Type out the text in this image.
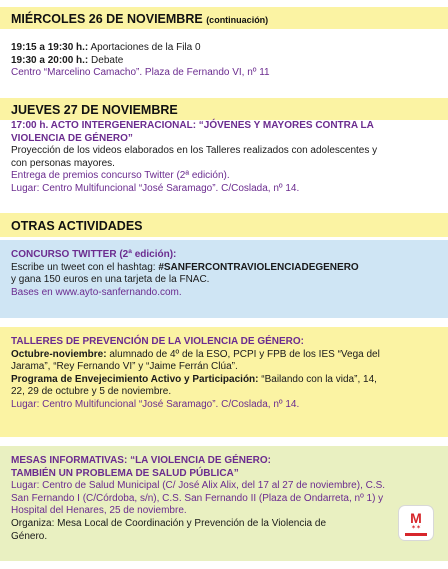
MIÉRCOLES 26 DE NOVIEMBRE (continuación)
19:15 a 19:30 h.: Aportaciones de la Fila 0
19:30 a 20:00 h.: Debate
Centro “Marcelino Camacho”. Plaza de Fernando VI, nº 11
JUEVES 27 DE NOVIEMBRE
17:00 h. ACTO INTERGENERACIONAL: “JÓVENES Y MAYORES CONTRA LA
VIOLENCIA DE GÉNERO”
Proyección de los videos elaborados en los Talleres realizados con adolescentes y
con personas mayores.
Entrega de premios concurso Twitter (2ª edición).
Lugar: Centro Multifuncional “José Saramago”. C/Coslada, nº 14.
OTRAS ACTIVIDADES
CONCURSO TWITTER (2ª edición):
Escribe un tweet con el hashtag: #SANFERCONTRAVIOLENCIADEGENERO
y gana 150 euros en una tarjeta de la FNAC.
Bases en www.ayto-sanfernando.com.
TALLERES DE PREVENCIÓN DE LA VIOLENCIA DE GÉNERO:
Octubre-noviembre: alumnado de 4º de la ESO, PCPI y FPB de los IES “Vega del
Jarama”, “Rey Fernando VI” y “Jaime Ferrán Clúa”.
Programa de Envejecimiento Activo y Participación: “Bailando con la vida”, 14,
22, 29 de octubre y 5 de noviembre.
Lugar: Centro Multifuncional “José Saramago”. C/Coslada, nº 14.
MESAS INFORMATIVAS: “LA VIOLENCIA DE GÉNERO:
TAMBIÉN UN PROBLEMA DE SALUD PÚBLICA”
Lugar: Centro de Salud Municipal (C/ José Alix Alix, del 17 al 27 de noviembre), C.S.
San Fernando I (C/Córdoba, s/n), C.S. San Fernando II (Plaza de Ondarreta, nº 1) y
Hospital del Henares, 25 de noviembre.
Organiza: Mesa Local de Coordinación y Prevención de la Violencia de
Género.
M
✶✶
